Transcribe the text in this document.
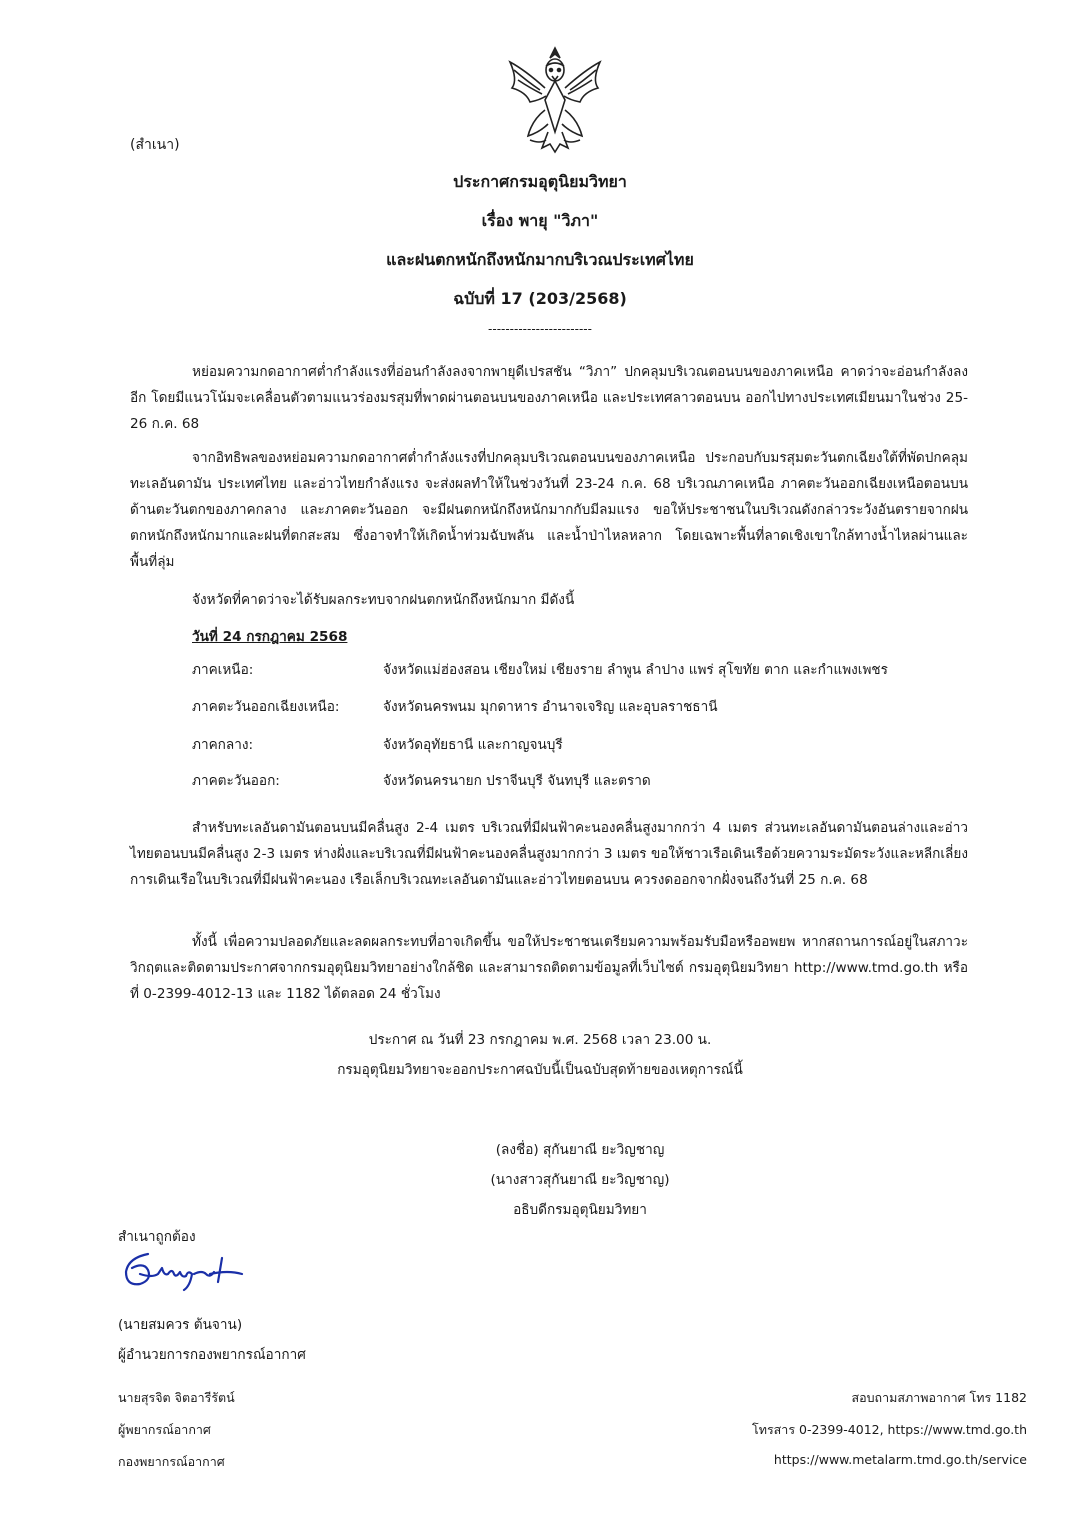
(สำเนา)
ประกาศกรมอุตุนิยมวิทยา
เรื่อง พายุ "วิภา"
และฝนตกหนักถึงหนักมากบริเวณประเทศไทย
ฉบับที่ 17 (203/2568)
------------------------
หย่อมความกดอากาศต่ำกำลังแรงที่อ่อนกำลังลงจากพายุดีเปรสชัน “วิภา” ปกคลุมบริเวณตอนบนของภาคเหนือ คาดว่าจะอ่อนกำลังลงอีก โดยมีแนวโน้มจะเคลื่อนตัวตามแนวร่องมรสุมที่พาดผ่านตอนบนของภาคเหนือ และประเทศลาวตอนบน ออกไปทางประเทศเมียนมาในช่วง 25-26 ก.ค. 68
จากอิทธิพลของหย่อมความกดอากาศต่ำกำลังแรงที่ปกคลุมบริเวณตอนบนของภาคเหนือ ประกอบกับมรสุมตะวันตกเฉียงใต้ที่พัดปกคลุมทะเลอันดามัน ประเทศไทย และอ่าวไทยกำลังแรง จะส่งผลทำให้ในช่วงวันที่ 23-24 ก.ค. 68 บริเวณภาคเหนือ ภาคตะวันออกเฉียงเหนือตอนบน ด้านตะวันตกของภาคกลาง และภาคตะวันออก จะมีฝนตกหนักถึงหนักมากกับมีลมแรง ขอให้ประชาชนในบริเวณดังกล่าวระวังอันตรายจากฝนตกหนักถึงหนักมากและฝนที่ตกสะสม ซึ่งอาจทำให้เกิดน้ำท่วมฉับพลัน และน้ำป่าไหลหลาก โดยเฉพาะพื้นที่ลาดเชิงเขาใกล้ทางน้ำไหลผ่านและพื้นที่ลุ่ม
จังหวัดที่คาดว่าจะได้รับผลกระทบจากฝนตกหนักถึงหนักมาก มีดังนี้
วันที่ 24 กรกฎาคม 2568
ภาคเหนือ:	จังหวัดแม่ฮ่องสอน เชียงใหม่ เชียงราย ลำพูน ลำปาง แพร่ สุโขทัย ตาก และกำแพงเพชร
ภาคตะวันออกเฉียงเหนือ:	จังหวัดนครพนม มุกดาหาร อำนาจเจริญ และอุบลราชธานี
ภาคกลาง:	จังหวัดอุทัยธานี และกาญจนบุรี
ภาคตะวันออก:	จังหวัดนครนายก ปราจีนบุรี จันทบุรี และตราด
สำหรับทะเลอันดามันตอนบนมีคลื่นสูง 2-4 เมตร บริเวณที่มีฝนฟ้าคะนองคลื่นสูงมากกว่า 4 เมตร ส่วนทะเลอันดามันตอนล่างและอ่าวไทยตอนบนมีคลื่นสูง 2-3 เมตร ห่างฝั่งและบริเวณที่มีฝนฟ้าคะนองคลื่นสูงมากกว่า 3 เมตร ขอให้ชาวเรือเดินเรือด้วยความระมัดระวังและหลีกเลี่ยงการเดินเรือในบริเวณที่มีฝนฟ้าคะนอง เรือเล็กบริเวณทะเลอันดามันและอ่าวไทยตอนบน ควรงดออกจากฝั่งจนถึงวันที่ 25 ก.ค. 68
ทั้งนี้ เพื่อความปลอดภัยและลดผลกระทบที่อาจเกิดขึ้น ขอให้ประชาชนเตรียมความพร้อมรับมือหรืออพยพ หากสถานการณ์อยู่ในสภาวะวิกฤตและติดตามประกาศจากกรมอุตุนิยมวิทยาอย่างใกล้ชิด และสามารถติดตามข้อมูลที่เว็บไซต์ กรมอุตุนิยมวิทยา http://www.tmd.go.th หรือที่ 0-2399-4012-13 และ 1182 ได้ตลอด 24 ชั่วโมง
ประกาศ ณ วันที่ 23 กรกฎาคม พ.ศ. 2568 เวลา 23.00 น.
กรมอุตุนิยมวิทยาจะออกประกาศฉบับนี้เป็นฉบับสุดท้ายของเหตุการณ์นี้
(ลงชื่อ) สุกันยาณี ยะวิญชาญ
(นางสาวสุกันยาณี ยะวิญชาญ)
อธิบดีกรมอุตุนิยมวิทยา
สำเนาถูกต้อง
(นายสมควร ต้นจาน)
ผู้อำนวยการกองพยากรณ์อากาศ
นายสุรจิต จิตอารีรัตน์
ผู้พยากรณ์อากาศ
กองพยากรณ์อากาศ
สอบถามสภาพอากาศ โทร 1182
โทรสาร 0-2399-4012, https://www.tmd.go.th
https://www.metalarm.tmd.go.th/service
